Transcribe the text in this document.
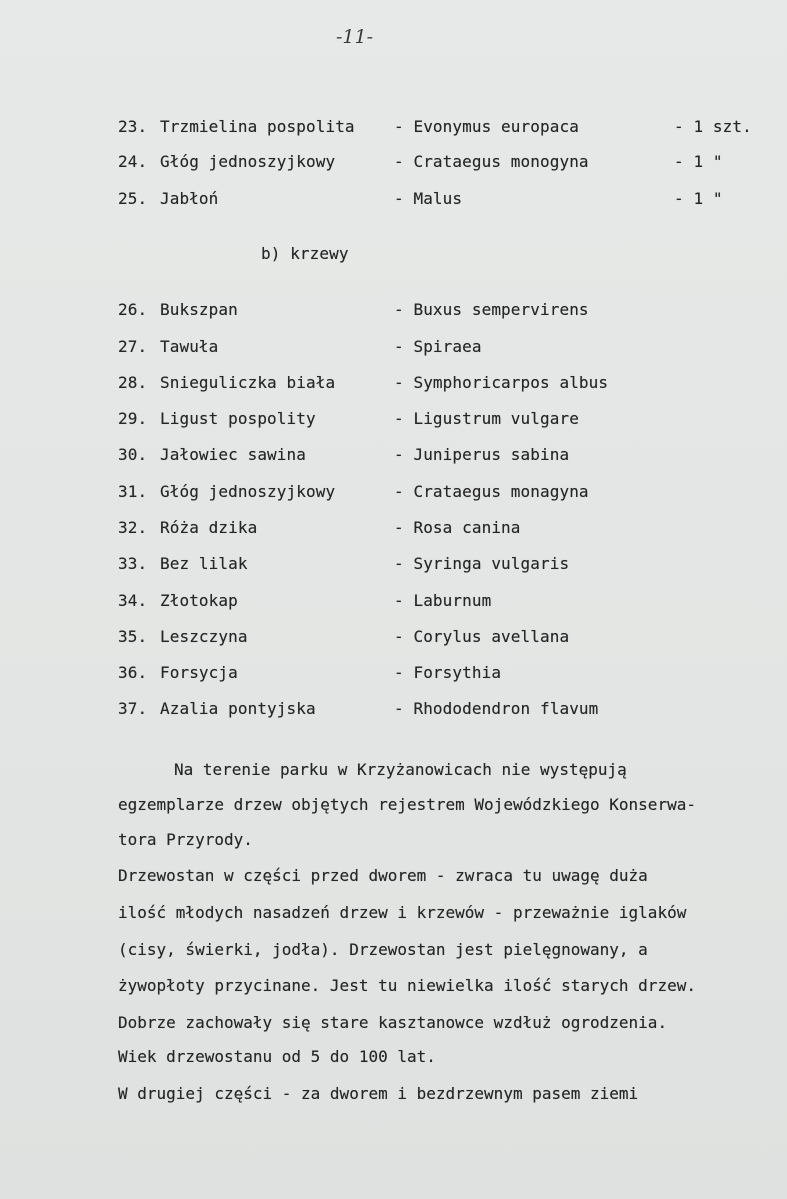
-11-
23. Trzmielina pospolita - Evonymus europaca	- 1 szt.
24. Głóg jednoszyjkowy	- Crataegus monogyna	- 1 "
25. Jabłoń	- Malus	- 1 "
b) krzewy
26. Bukszpan	- Buxus sempervirens
27. Tawuła	- Spiraea
28. Snieguliczka biała	- Symphoricarpos albus
29. Ligust pospolity	- Ligustrum vulgare
30. Jałowiec sawina	- Juniperus sabina
31. Głóg jednoszyjkowy	- Crataegus monagyna
32. Róża dzika	- Rosa canina
33. Bez lilak	- Syringa vulgaris
34. Złotokap	- Laburnum
35. Leszczyna	- Corylus avellana
36. Forsycja	- Forsythia
37. Azalia pontyjska	- Rhododendron flavum
Na terenie parku w Krzyżanowicach nie występują
egzemplarze drzew objętych rejestrem Wojewódzkiego Konserwa-
tora Przyrody.
Drzewostan w części przed dworem - zwraca tu uwagę duża
ilość młodych nasadzeń drzew i krzewów - przeważnie iglaków
(cisy, świerki, jodła). Drzewostan jest pielęgnowany, a
żywopłoty przycinane. Jest tu niewielka ilość starych drzew.
Dobrze zachowały się stare kasztanowce wzdłuż ogrodzenia.
Wiek drzewostanu od 5 do 100 lat.
W drugiej części - za dworem i bezdrzewnym pasem ziemi
